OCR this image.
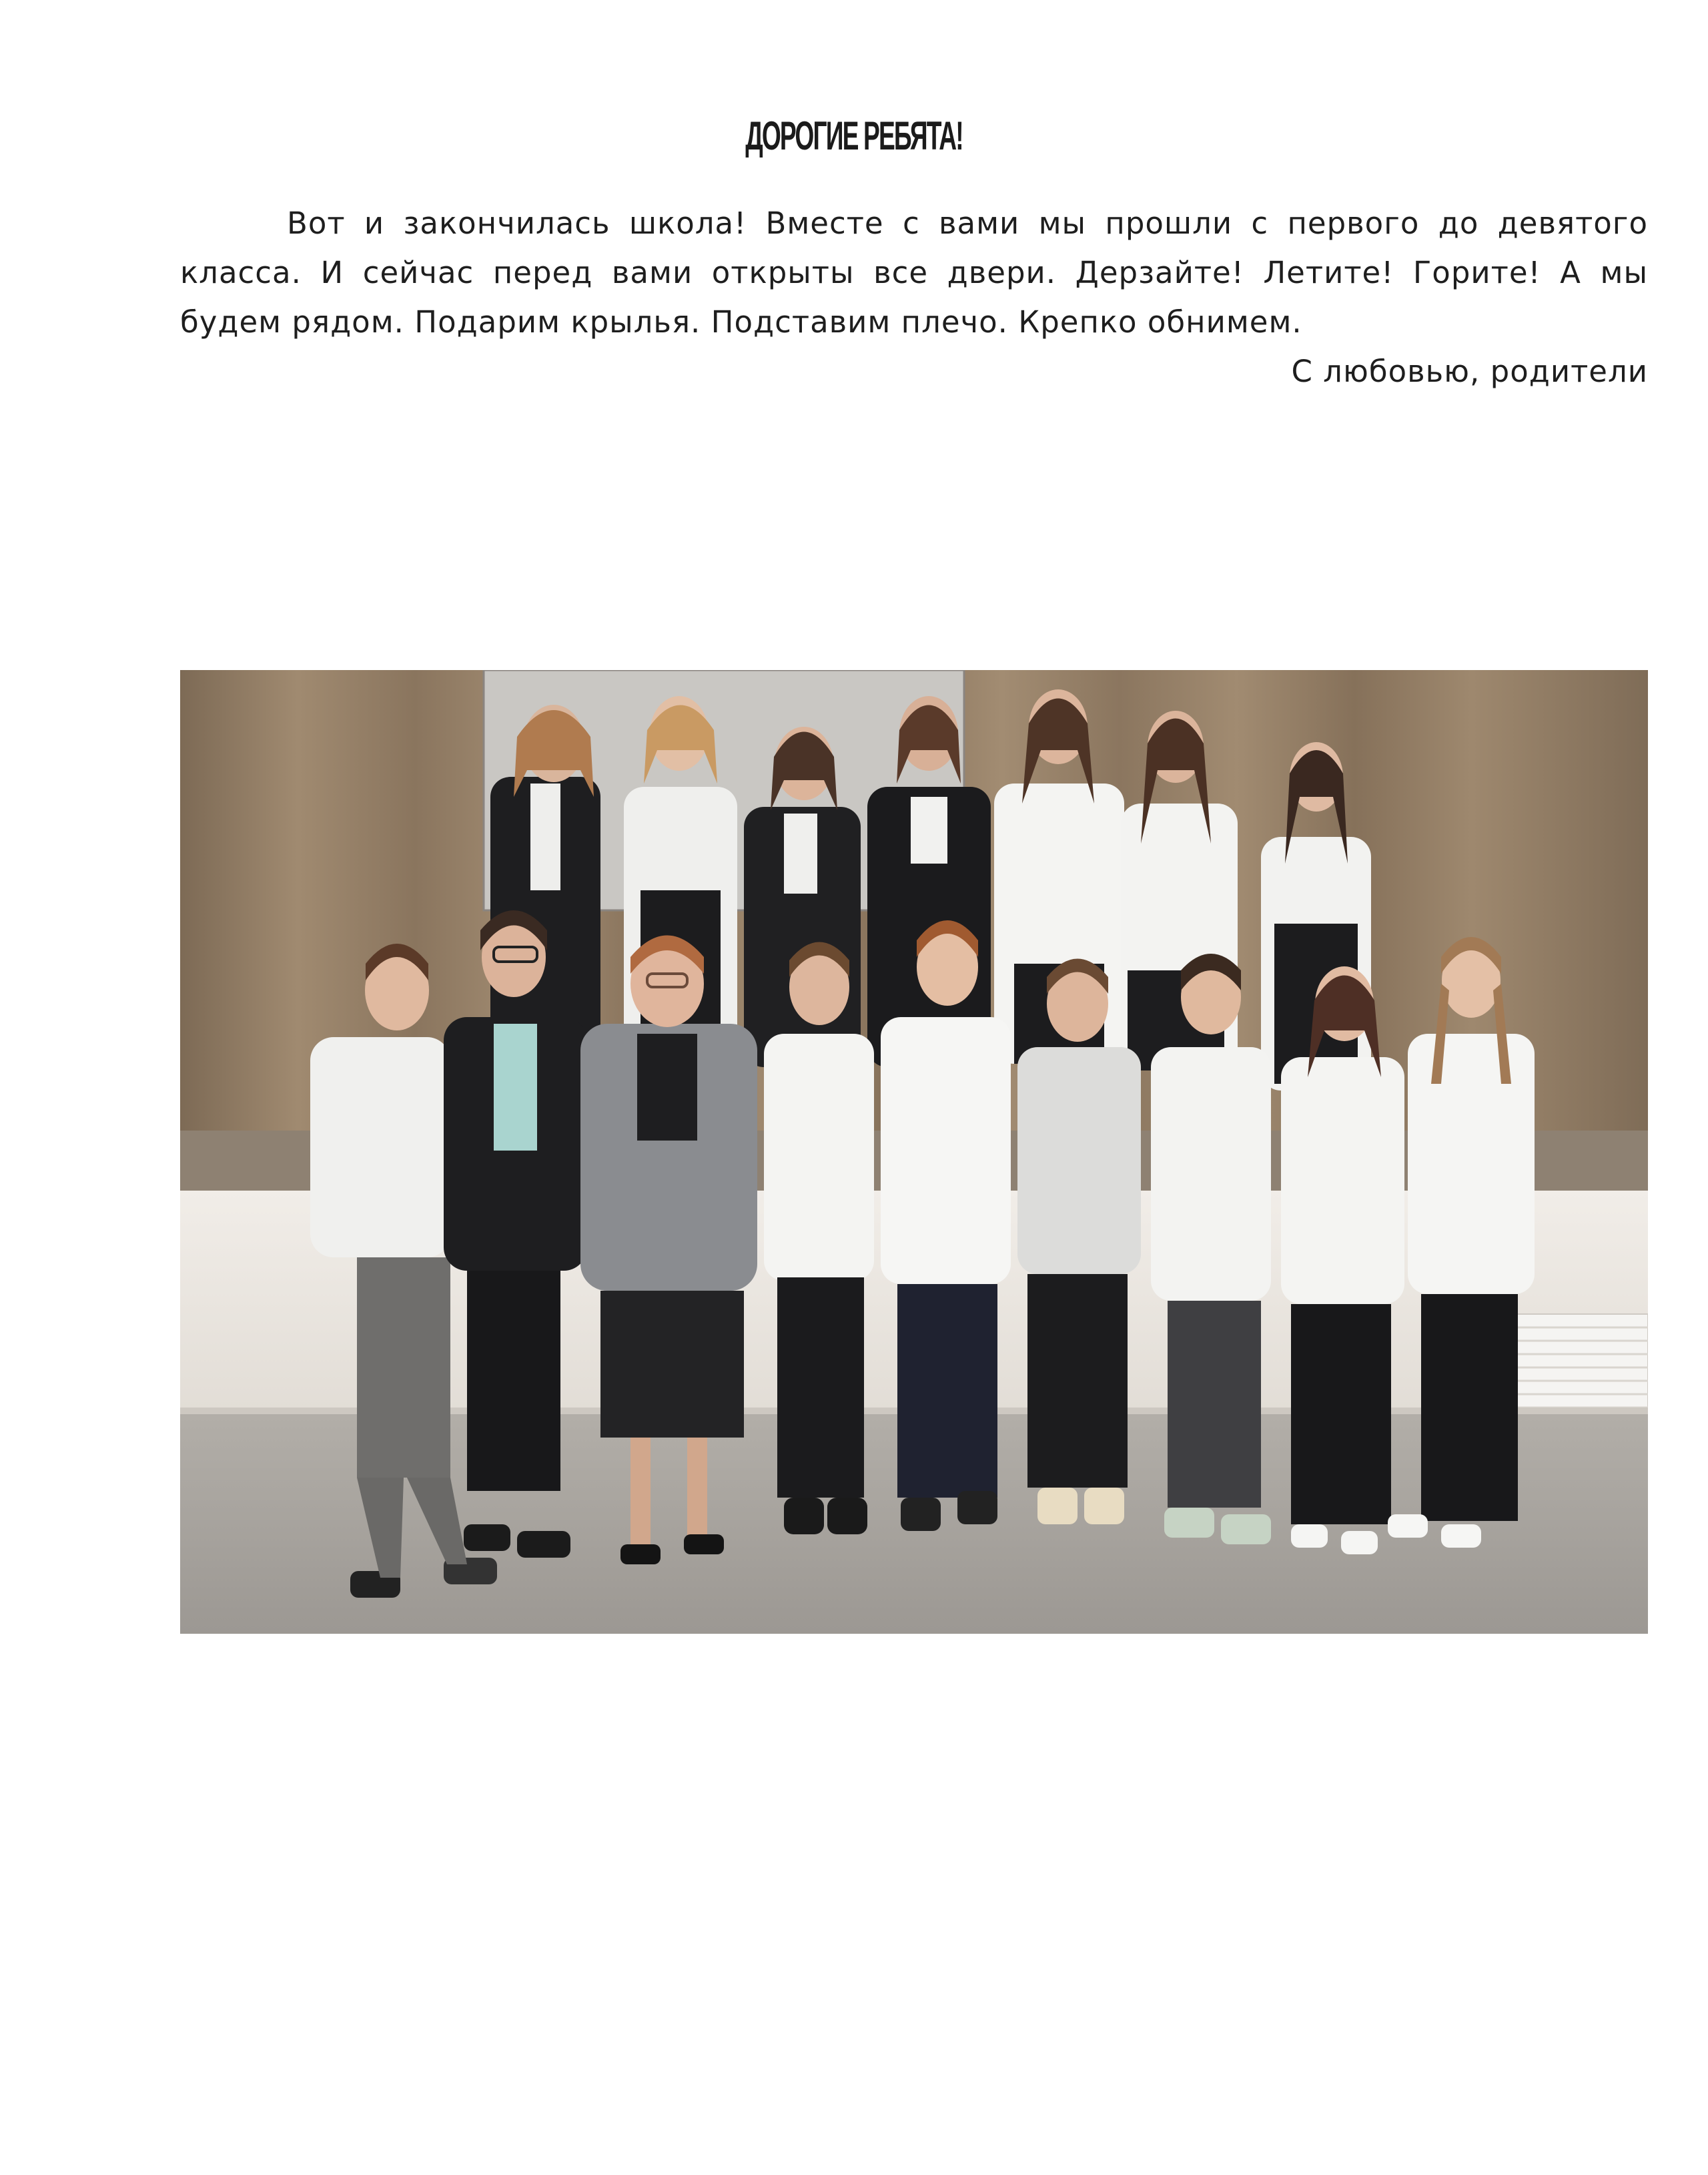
ДОРОГИЕ РЕБЯТА!

Вот и закончилась школа! Вместе с вами мы прошли с первого до девятого класса. И сейчас перед вами открыты все двери. Дерзайте! Летите! Горите! А мы будем рядом. Подарим крылья. Подставим плечо. Крепко обнимем.

С любовью, родители
